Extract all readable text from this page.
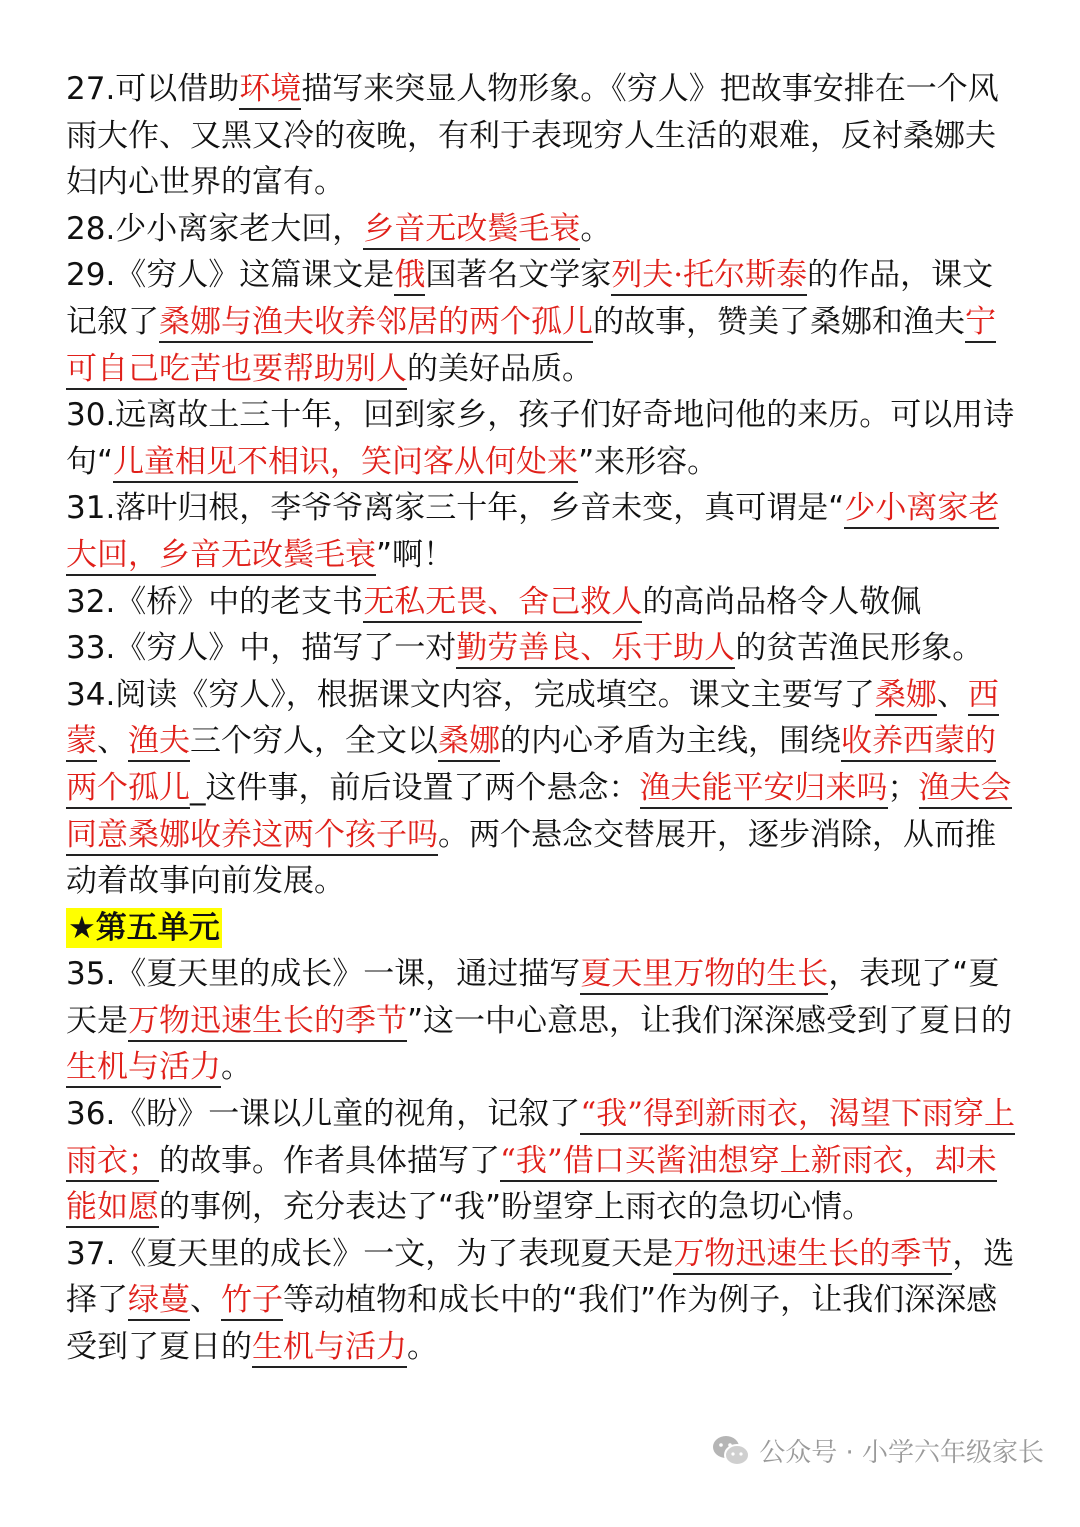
27.可以借助环境描写来突显人物形象。《穷人》把故事安排在一个风雨大作、又黑又冷的夜晚，有利于表现穷人生活的艰难，反衬桑娜夫妇内心世界的富有。

28.少小离家老大回，乡音无改鬓毛衰。

29.《穷人》这篇课文是俄国著名文学家列夫·托尔斯泰的作品，课文记叙了桑娜与渔夫收养邻居的两个孤儿的故事，赞美了桑娜和渔夫宁可自己吃苦也要帮助别人的美好品质。

30.远离故土三十年，回到家乡，孩子们好奇地问他的来历。可以用诗句“儿童相见不相识，笑问客从何处来”来形容。

31.落叶归根，李爷爷离家三十年，乡音未变，真可谓是“少小离家老大回，乡音无改鬓毛衰”啊！

32.《桥》中的老支书无私无畏、舍己救人的高尚品格令人敬佩

33.《穷人》中，描写了一对勤劳善良、乐于助人的贫苦渔民形象。

34.阅读《穷人》，根据课文内容，完成填空。课文主要写了桑娜、西蒙、渔夫三个穷人，全文以桑娜的内心矛盾为主线，围绕收养西蒙的两个孤儿_这件事，前后设置了两个悬念：渔夫能平安归来吗；渔夫会同意桑娜收养这两个孩子吗。两个悬念交替展开，逐步消除，从而推动着故事向前发展。

★第五单元

35.《夏天里的成长》一课，通过描写夏天里万物的生长，表现了“夏天是万物迅速生长的季节”这一中心意思，让我们深深感受到了夏日的生机与活力。

36.《盼》一课以儿童的视角，记叙了“我”得到新雨衣，渴望下雨穿上雨衣；的故事。作者具体描写了“我”借口买酱油想穿上新雨衣，却未能如愿的事例，充分表达了“我”盼望穿上雨衣的急切心情。

37.《夏天里的成长》一文，为了表现夏天是万物迅速生长的季节，选择了绿蔓、竹子等动植物和成长中的“我们”作为例子，让我们深深感受到了夏日的生机与活力。

公众号 · 小学六年级家长
